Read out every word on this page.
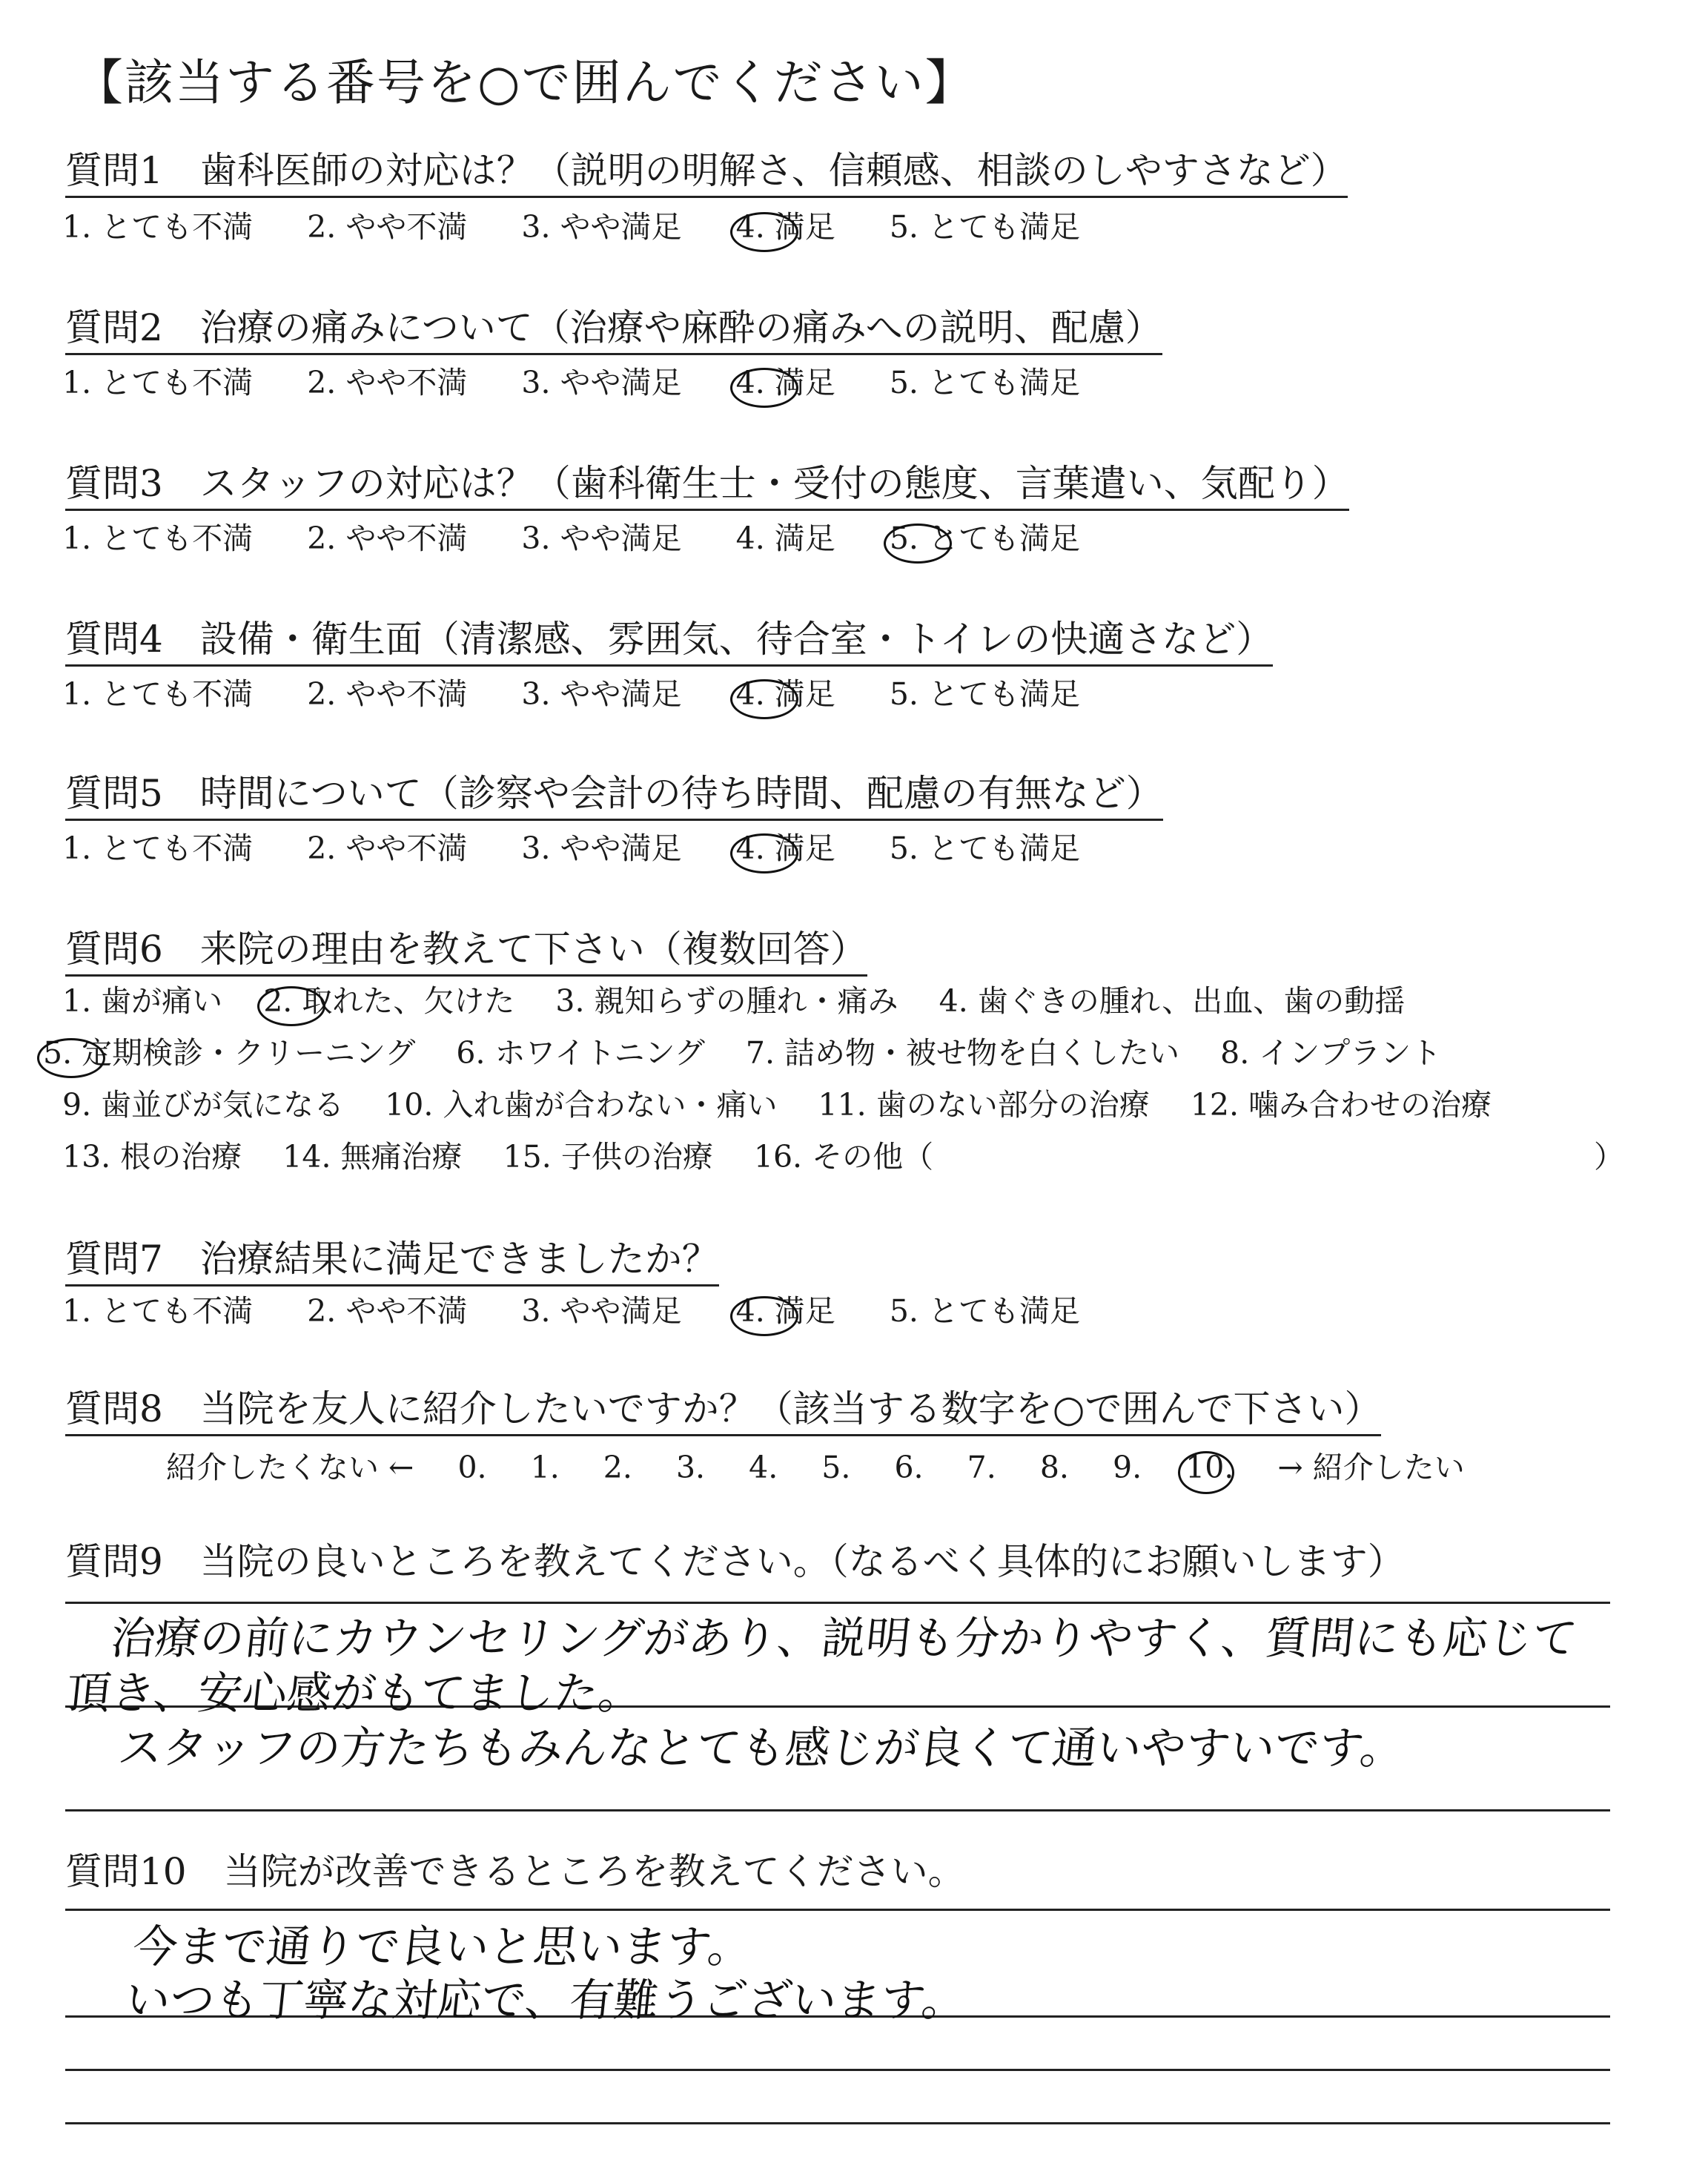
【該当する番号を○で囲んでください】
質問1　歯科医師の対応は？（説明の明解さ、信頼感、相談のしやすさなど）
1. とても不満 2. やや不満 3. やや満足 4. 満足 5. とても満足
質問2　治療の痛みについて（治療や麻酔の痛みへの説明、配慮）
1. とても不満 2. やや不満 3. やや満足 4. 満足 5. とても満足
質問3　スタッフの対応は？（歯科衛生士・受付の態度、言葉遣い、気配り）
1. とても不満 2. やや不満 3. やや満足 4. 満足 5. とても満足
質問4　設備・衛生面（清潔感、雰囲気、待合室・トイレの快適さなど）
1. とても不満 2. やや不満 3. やや満足 4. 満足 5. とても満足
質問5　時間について（診察や会計の待ち時間、配慮の有無など）
1. とても不満 2. やや不満 3. やや満足 4. 満足 5. とても満足
質問6　来院の理由を教えて下さい（複数回答）
1. 歯が痛い 2. 取れた、欠けた 3. 親知らずの腫れ・痛み 4. 歯ぐきの腫れ、出血、歯の動揺
5. 定期検診・クリーニング 6. ホワイトニング 7. 詰め物・被せ物を白くしたい 8. インプラント
9. 歯並びが気になる 10. 入れ歯が合わない・痛い 11. 歯のない部分の治療 12. 噛み合わせの治療
13. 根の治療 14. 無痛治療 15. 子供の治療 16. その他（	）
質問7　治療結果に満足できましたか？
1. とても不満 2. やや不満 3. やや満足 4. 満足 5. とても満足
質問8　当院を友人に紹介したいですか？（該当する数字を○で囲んで下さい）
紹介したくない ← 0. 1. 2. 3. 4. 5. 6. 7. 8. 9. 10. → 紹介したい
質問9　当院の良いところを教えてください。（なるべく具体的にお願いします）
治療の前にカウンセリングがあり、説明も分かりやすく、質問にも応じて
頂き、安心感がもてました。
スタッフの方たちもみんなとても感じが良くて通いやすいです。
質問10　当院が改善できるところを教えてください。
今まで通りで良いと思います。
いつも丁寧な対応で、有難うございます。
